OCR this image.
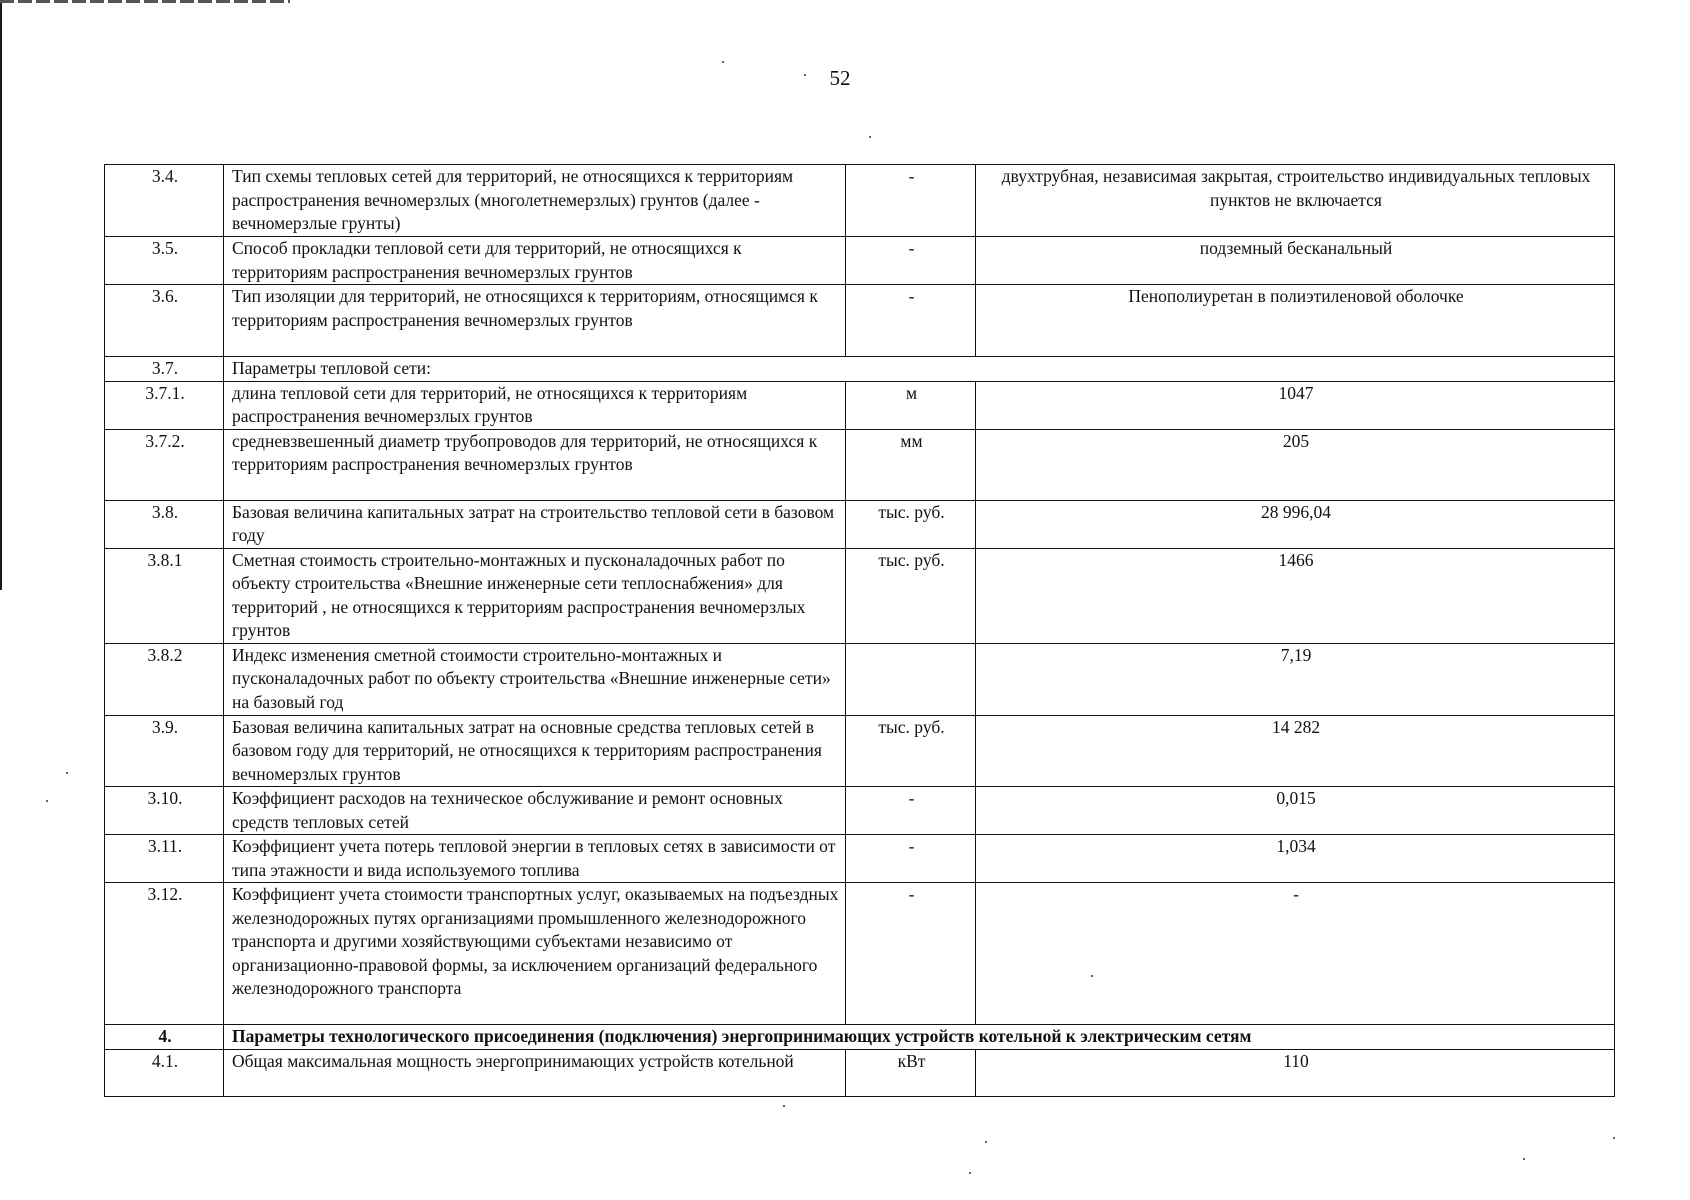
52
3.4.	Тип схемы тепловых сетей для территорий, не относящихся к территориям распространения вечномерзлых (многолетнемерзлых) грунтов (далее - вечномерзлые грунты)	-	двухтрубная, независимая закрытая, строительство индивидуальных тепловых пунктов не включается
3.5.	Способ прокладки тепловой сети для территорий, не относящихся к территориям распространения вечномерзлых грунтов	-	подземный бесканальный
3.6.	Тип изоляции для территорий, не относящихся к территориям, относящимся к территориям распространения вечномерзлых грунтов	-	Пенополиуретан в полиэтиленовой оболочке
3.7.	Параметры тепловой сети:		
3.7.1.	длина тепловой сети для территорий, не относящихся к территориям распространения вечномерзлых грунтов	м	1047
3.7.2.	средневзвешенный диаметр трубопроводов для территорий, не относящихся к территориям распространения вечномерзлых грунтов	мм	205
3.8.	Базовая величина капитальных затрат на строительство тепловой сети в базовом году	тыс. руб.	28 996,04
3.8.1	Сметная стоимость строительно-монтажных и пусконаладочных работ по объекту строительства «Внешние инженерные сети теплоснабжения» для территорий , не относящихся к территориям распространения вечномерзлых грунтов	тыс. руб.	1466
3.8.2	Индекс изменения сметной стоимости строительно-монтажных и пусконаладочных работ по объекту строительства «Внешние инженерные сети» на базовый год		7,19
3.9.	Базовая величина капитальных затрат на основные средства тепловых сетей в базовом году для территорий, не относящихся к территориям распространения вечномерзлых грунтов	тыс. руб.	14 282
3.10.	Коэффициент расходов на техническое обслуживание и ремонт основных средств тепловых сетей	-	0,015
3.11.	Коэффициент учета потерь тепловой энергии в тепловых сетях в зависимости от типа этажности и вида используемого топлива	-	1,034
3.12.	Коэффициент учета стоимости транспортных услуг, оказываемых на подъездных железнодорожных путях организациями промышленного железнодорожного транспорта и другими хозяйствующими субъектами независимо от организационно-правовой формы, за исключением организаций федерального железнодорожного транспорта	-	-
4.	Параметры технологического присоединения (подключения) энергопринимающих устройств котельной к электрическим сетям		
4.1.	Общая максимальная мощность энергопринимающих устройств котельной	кВт	110
